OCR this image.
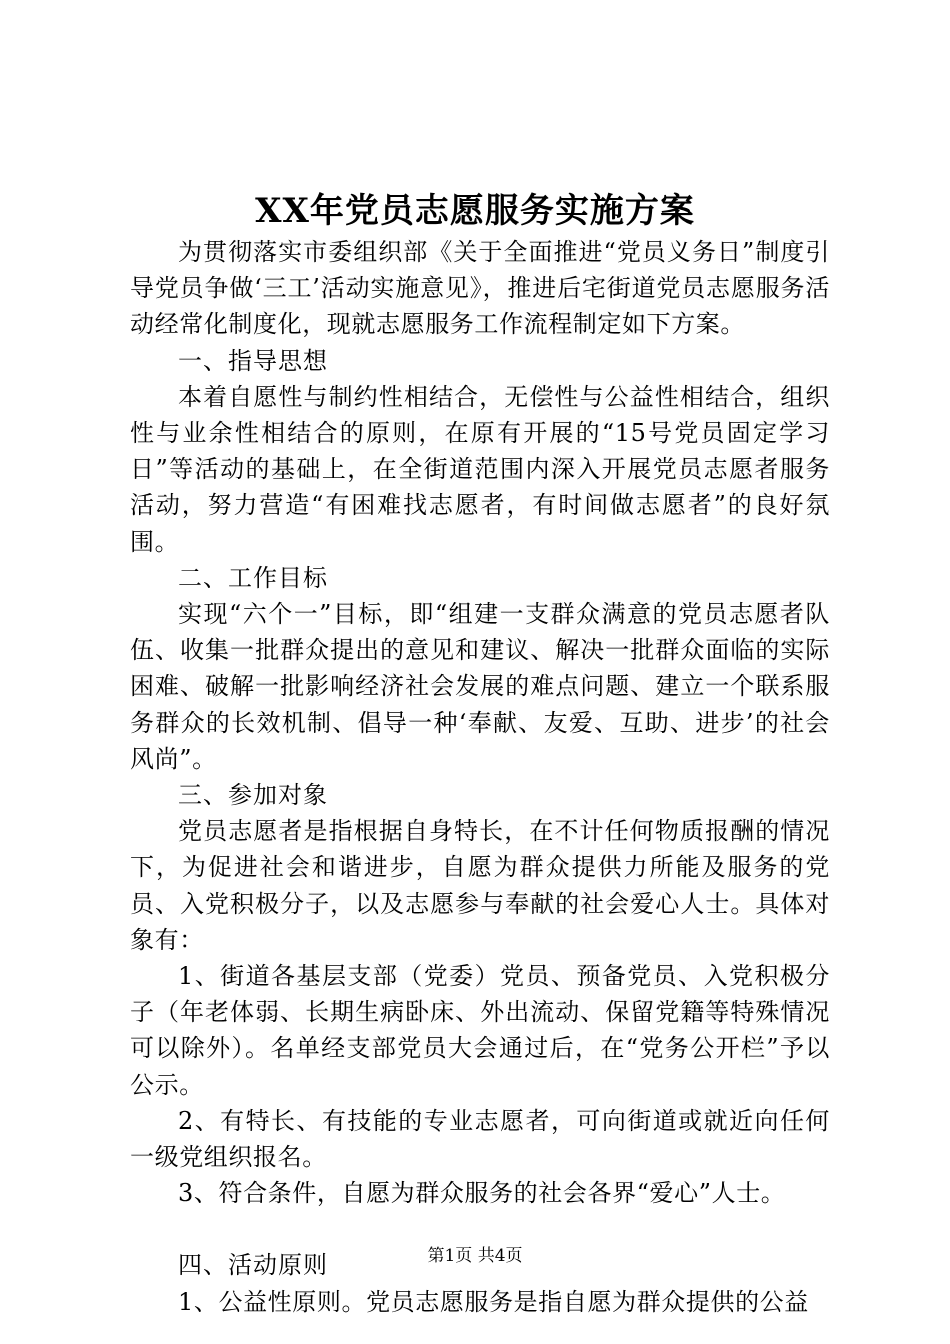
XX年党员志愿服务实施方案

为贯彻落实市委组织部《关于全面推进“党员义务日”制度引导党员争做‘三工’活动实施意见》，推进后宅街道党员志愿服务活动经常化制度化，现就志愿服务工作流程制定如下方案。

一、指导思想

本着自愿性与制约性相结合，无偿性与公益性相结合，组织性与业余性相结合的原则，在原有开展的“15号党员固定学习日”等活动的基础上，在全街道范围内深入开展党员志愿者服务活动，努力营造“有困难找志愿者，有时间做志愿者”的良好氛围。

二、工作目标

实现“六个一”目标，即“组建一支群众满意的党员志愿者队伍、收集一批群众提出的意见和建议、解决一批群众面临的实际困难、破解一批影响经济社会发展的难点问题、建立一个联系服务群众的长效机制、倡导一种‘奉献、友爱、互助、进步’的社会风尚”。

三、参加对象

党员志愿者是指根据自身特长，在不计任何物质报酬的情况下，为促进社会和谐进步，自愿为群众提供力所能及服务的党员、入党积极分子，以及志愿参与奉献的社会爱心人士。具体对象有：

1、街道各基层支部（党委）党员、预备党员、入党积极分子（年老体弱、长期生病卧床、外出流动、保留党籍等特殊情况可以除外）。名单经支部党员大会通过后，在“党务公开栏”予以公示。

2、有特长、有技能的专业志愿者，可向街道或就近向任何一级党组织报名。

3、符合条件，自愿为群众服务的社会各界“爱心”人士。

四、活动原则

1、公益性原则。党员志愿服务是指自愿为群众提供的公益

第1页 共4页
